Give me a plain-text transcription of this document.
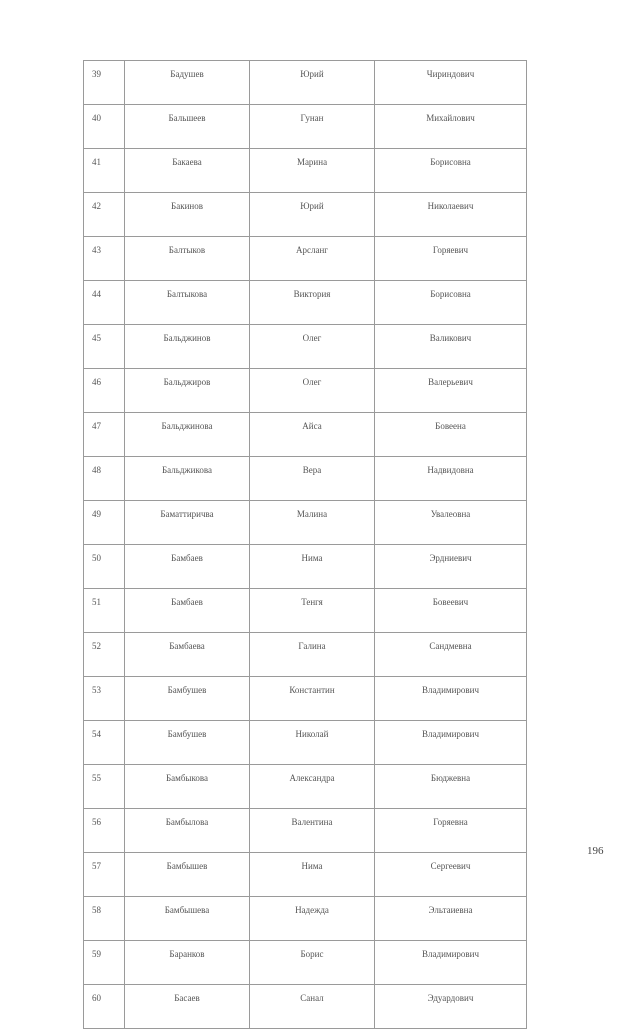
39	Бадушев	Юрий	Чириндович
40	Бальшеев	Гунан	Михайлович
41	Бакаева	Марина	Борисовна
42	Бакинов	Юрий	Николаевич
43	Балтыков	Арсланг	Горяевич
44	Балтыкова	Виктория	Борисовна
45	Бальджинов	Олег	Валикович
46	Бальджиров	Олег	Валерьевич
47	Бальджинова	Айса	Бовеена
48	Бальджикова	Вера	Надвидовна
49	Баматтиричва	Малина	Увалеовна
50	Бамбаев	Нима	Эрдниевич
51	Бамбаев	Тенгя	Бовеевич
52	Бамбаева	Галина	Сандмевна
53	Бамбушев	Константин	Владимирович
54	Бамбушев	Николай	Владимирович
55	Бамбыкова	Александра	Бюджевна
56	Бамбылова	Валентина	Горяевна
57	Бамбышев	Нима	Сергеевич
58	Бамбышева	Надежда	Эльтаиевна
59	Баранков	Борис	Владимирович
60	Басаев	Санал	Эдуардович
196
